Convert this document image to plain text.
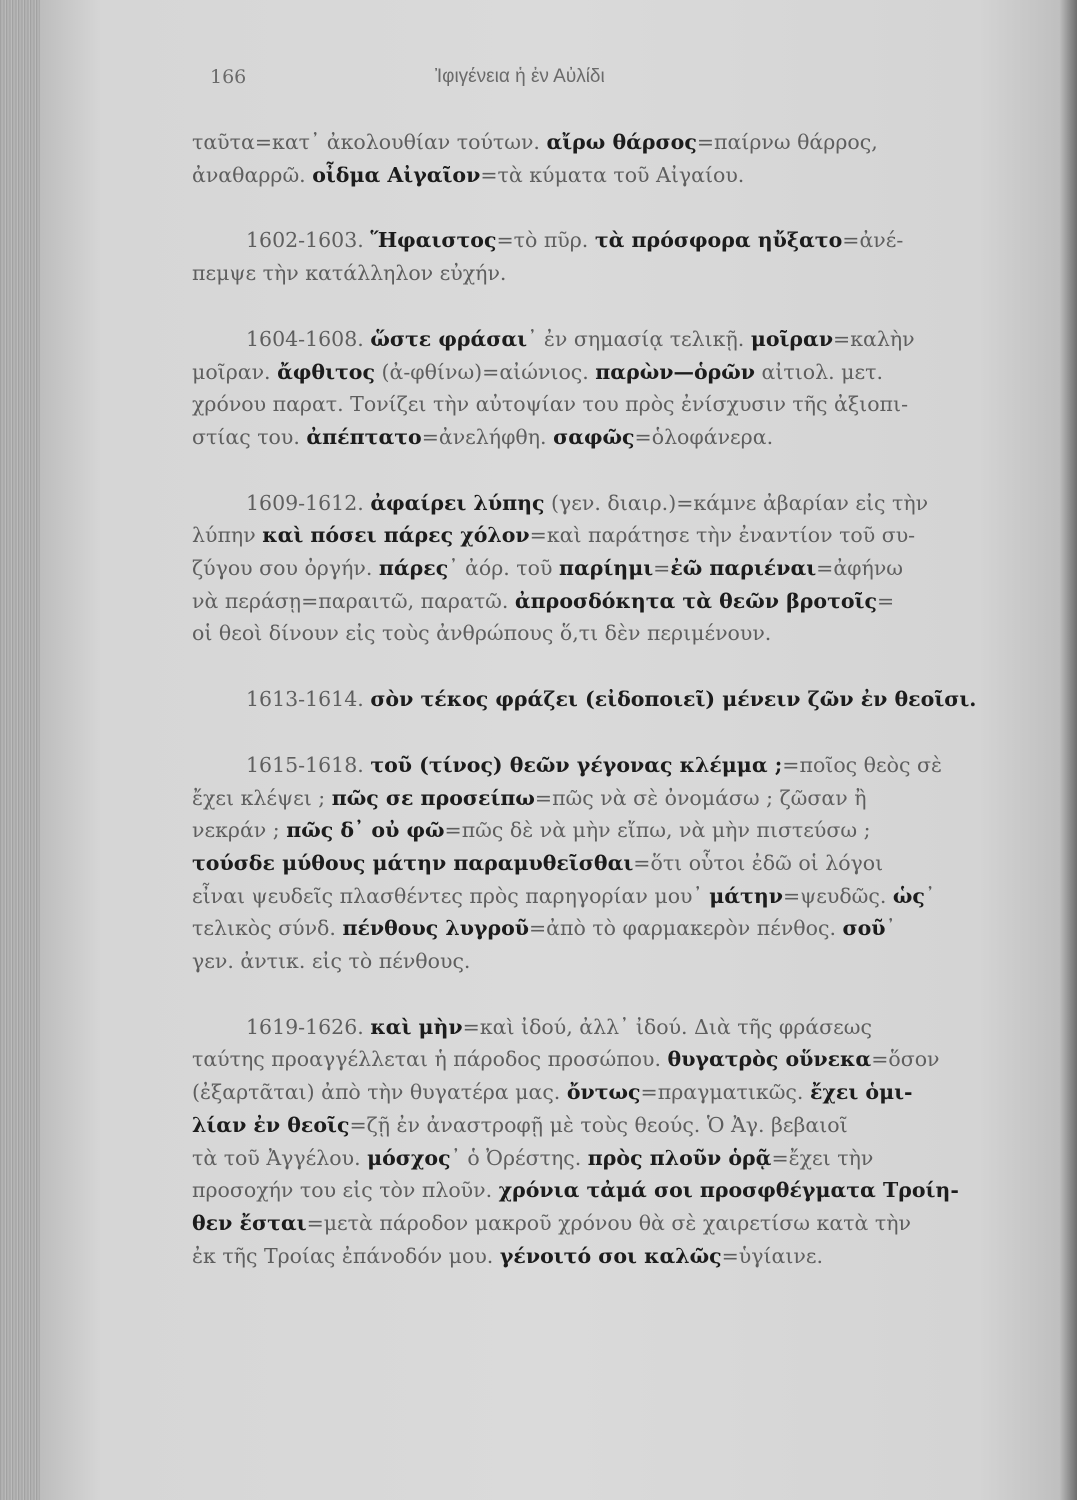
166	Ἰφιγένεια ἡ ἐν Αὐλίδι
ταῦτα=κατ᾽ ἀκολουθίαν τούτων. αἴρω θάρσος=παίρνω θάρρος,
ἀναθαρρῶ. οἶδμα Αἰγαῖον=τὰ κύματα τοῦ Αἰγαίου.
1602-1603. Ἥφαιστος=τὸ πῦρ. τὰ πρόσφορα ηὔξατο=ἀνέ-
πεμψε τὴν κατάλληλον εὐχήν.
1604-1608. ὥστε φράσαι᾽ ἐν σημασίᾳ τελικῇ. μοῖραν=καλὴν
μοῖραν. ἄφθιτος (ἀ-φθίνω)=αἰώνιος. παρὼν—ὁρῶν αἰτιολ. μετ.
χρόνου παρατ. Τονίζει τὴν αὐτοψίαν του πρὸς ἐνίσχυσιν τῆς ἀξιοπι-
στίας του. ἀπέπτατο=ἀνελήφθη. σαφῶς=ὁλοφάνερα.
1609-1612. ἀφαίρει λύπης (γεν. διαιρ.)=κάμνε ἀβαρίαν εἰς τὴν
λύπην καὶ πόσει πάρες χόλον=καὶ παράτησε τὴν ἐναντίον τοῦ συ-
ζύγου σου ὀργήν. πάρες᾽ ἀόρ. τοῦ παρίημι=ἐῶ παριέναι=ἀφήνω
νὰ περάσῃ=παραιτῶ, παρατῶ. ἀπροσδόκητα τὰ θεῶν βροτοῖς=
οἱ θεοὶ δίνουν εἰς τοὺς ἀνθρώπους ὅ,τι δὲν περιμένουν.
1613-1614. σὸν τέκος φράζει (εἰδοποιεῖ) μένειν ζῶν ἐν θεοῖσι.
1615-1618. τοῦ (τίνος) θεῶν γέγονας κλέμμα ;=ποῖος θεὸς σὲ
ἔχει κλέψει ; πῶς σε προσείπω=πῶς νὰ σὲ ὀνομάσω ; ζῶσαν ἢ
νεκράν ; πῶς δ᾽ οὐ φῶ=πῶς δὲ νὰ μὴν εἴπω, νὰ μὴν πιστεύσω ;
τούσδε μύθους μάτην παραμυθεῖσθαι=ὅτι οὗτοι ἐδῶ οἱ λόγοι
εἶναι ψευδεῖς πλασθέντες πρὸς παρηγορίαν μου᾽ μάτην=ψευδῶς. ὡς᾽
τελικὸς σύνδ. πένθους λυγροῦ=ἀπὸ τὸ φαρμακερὸν πένθος. σοῦ᾽
γεν. ἀντικ. εἰς τὸ πένθους.
1619-1626. καὶ μὴν=καὶ ἰδού, ἀλλ᾽ ἰδού. Διὰ τῆς φράσεως
ταύτης προαγγέλλεται ἡ πάροδος προσώπου. θυγατρὸς οὕνεκα=ὅσον
(ἐξαρτᾶται) ἀπὸ τὴν θυγατέρα μας. ὄντως=πραγματικῶς. ἔχει ὁμι-
λίαν ἐν θεοῖς=ζῇ ἐν ἀναστροφῇ μὲ τοὺς θεούς. Ὁ Ἀγ. βεβαιοῖ
τὰ τοῦ Ἀγγέλου. μόσχος᾽ ὁ Ὀρέστης. πρὸς πλοῦν ὁρᾷ=ἔχει τὴν
προσοχήν του εἰς τὸν πλοῦν. χρόνια τἀμά σοι προσφθέγματα Τροίη-
θεν ἔσται=μετὰ πάροδον μακροῦ χρόνου θὰ σὲ χαιρετίσω κατὰ τὴν
ἐκ τῆς Τροίας ἐπάνοδόν μου. γένοιτό σοι καλῶς=ὑγίαινε.
